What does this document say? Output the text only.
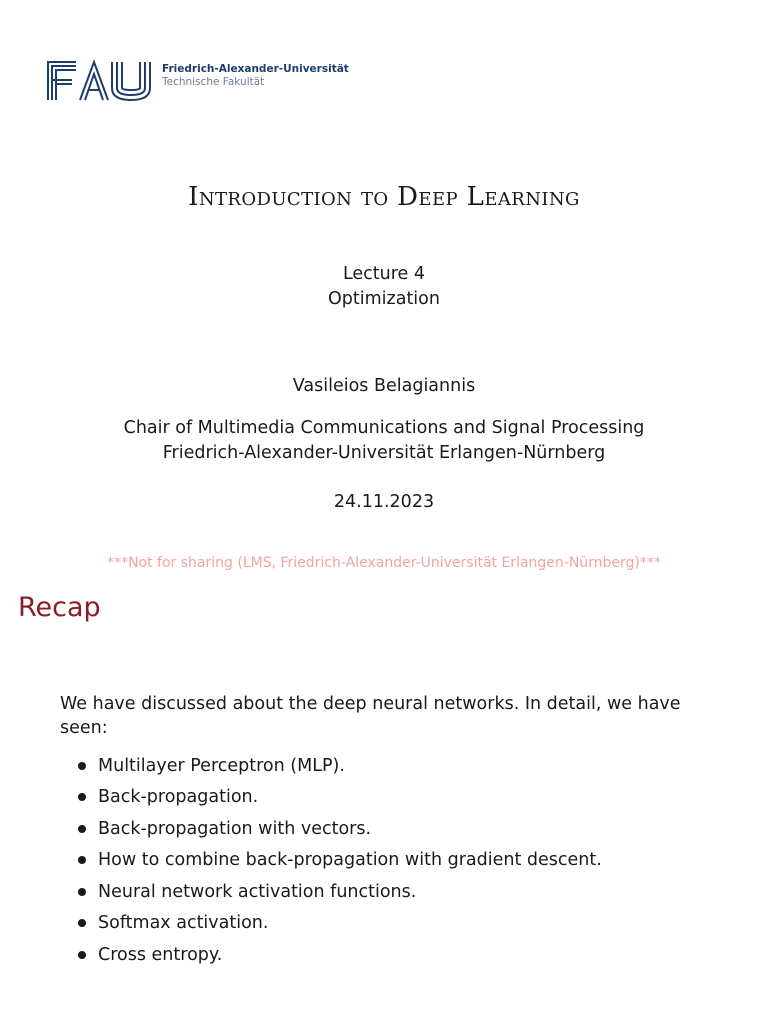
Friedrich-Alexander-Universität
Technische Fakultät
Introduction to Deep Learning
Lecture 4
Optimization
Vasileios Belagiannis
Chair of Multimedia Communications and Signal Processing
Friedrich-Alexander-Universität Erlangen-Nürnberg
24.11.2023
***Not for sharing (LMS, Friedrich-Alexander-Universität Erlangen-Nürnberg)***
Recap
We have discussed about the deep neural networks. In detail, we have seen:
Multilayer Perceptron (MLP).
Back-propagation.
Back-propagation with vectors.
How to combine back-propagation with gradient descent.
Neural network activation functions.
Softmax activation.
Cross entropy.
